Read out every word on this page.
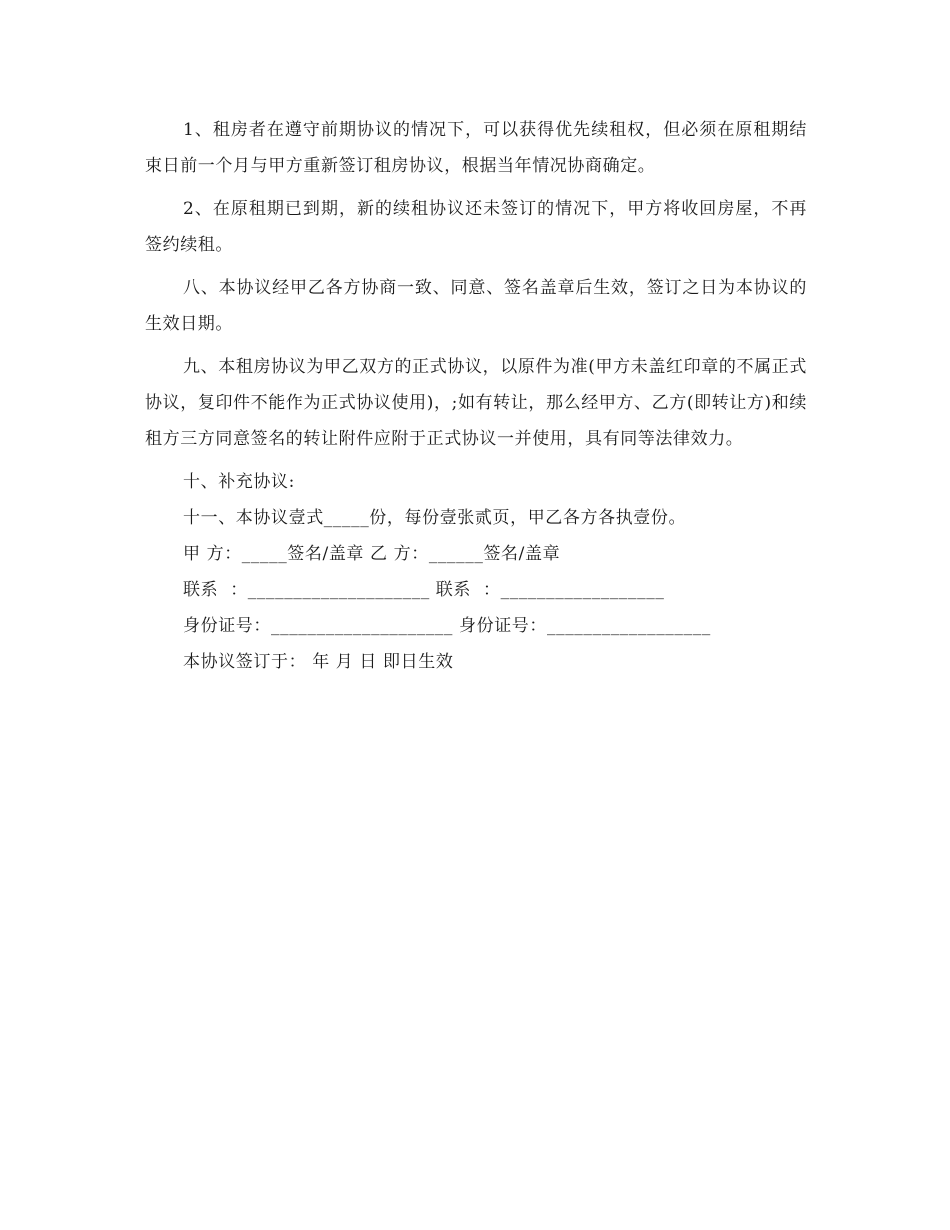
1、租房者在遵守前期协议的情况下，可以获得优先续租权，但必须在原租期结束日前一个月与甲方重新签订租房协议，根据当年情况协商确定。

2、在原租期已到期，新的续租协议还未签订的情况下，甲方将收回房屋，不再签约续租。

八、本协议经甲乙各方协商一致、同意、签名盖章后生效，签订之日为本协议的生效日期。

九、本租房协议为甲乙双方的正式协议，以原件为准(甲方未盖红印章的不属正式协议，复印件不能作为正式协议使用)，;如有转让，那么经甲方、乙方(即转让方)和续租方三方同意签名的转让附件应附于正式协议一并使用，具有同等法律效力。

十、补充协议:

十一、本协议壹式_____份，每份壹张贰页，甲乙各方各执壹份。

甲 方：_____签名/盖章 乙 方：______签名/盖章

联系  ：____________________ 联系  ：__________________

身份证号：____________________ 身份证号：__________________

本协议签订于： 年 月 日 即日生效
